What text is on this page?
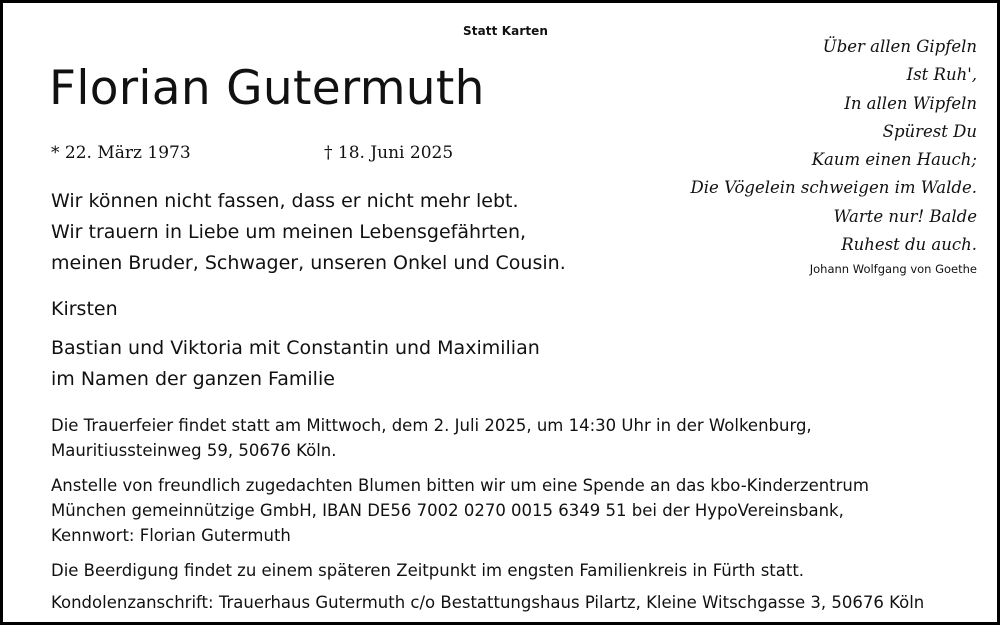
Statt Karten
Florian Gutermuth
* 22. März 1973	† 18. Juni 2025
Wir können nicht fassen, dass er nicht mehr lebt.
Wir trauern in Liebe um meinen Lebensgefährten,
meinen Bruder, Schwager, unseren Onkel und Cousin.
Kirsten
Bastian und Viktoria mit Constantin und Maximilian
im Namen der ganzen Familie
Über allen Gipfeln
Ist Ruh',
In allen Wipfeln
Spürest Du
Kaum einen Hauch;
Die Vögelein schweigen im Walde.
Warte nur! Balde
Ruhest du auch.
Johann Wolfgang von Goethe
Die Trauerfeier findet statt am Mittwoch, dem 2. Juli 2025, um 14:30 Uhr in der Wolkenburg,
Mauritiussteinweg 59, 50676 Köln.
Anstelle von freundlich zugedachten Blumen bitten wir um eine Spende an das kbo-Kinderzentrum
München gemeinnützige GmbH, IBAN DE56 7002 0270 0015 6349 51 bei der HypoVereinsbank,
Kennwort: Florian Gutermuth
Die Beerdigung findet zu einem späteren Zeitpunkt im engsten Familienkreis in Fürth statt.
Kondolenzanschrift: Trauerhaus Gutermuth c/o Bestattungshaus Pilartz, Kleine Witschgasse 3, 50676 Köln
